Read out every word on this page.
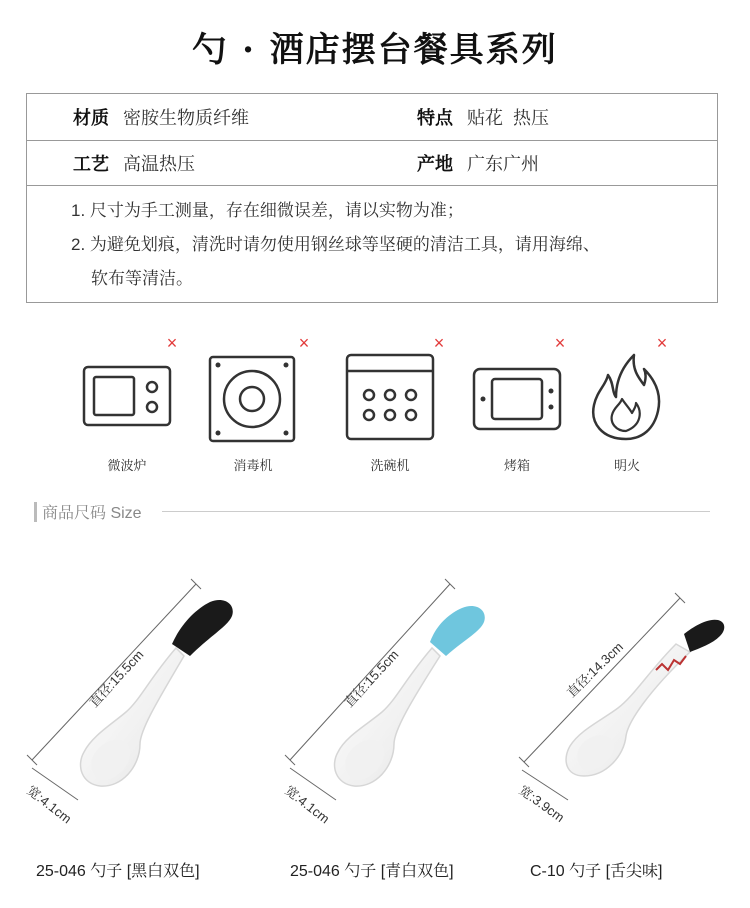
勺 · 酒店摆台餐具系列
材质 密胺生物质纤维	特点 贴花  热压
工艺 高温热压	产地 广东广州
1. 尺寸为手工测量，存在细微误差，请以实物为准；
2. 为避免划痕，清洗时请勿使用钢丝球等坚硬的清洁工具，请用海绵、
软布等清洁。
×
微波炉
×
消毒机
×
洗碗机
×
烤箱
×
明火
商品尺码 Size
直径:15.5cm
宽:4.1cm
直径:15.5cm
宽:4.1cm
直径:14.3cm
宽:3.9cm
25-046 勺子 [黑白双色]	25-046 勺子 [青白双色]	C-10 勺子 [舌尖味]
